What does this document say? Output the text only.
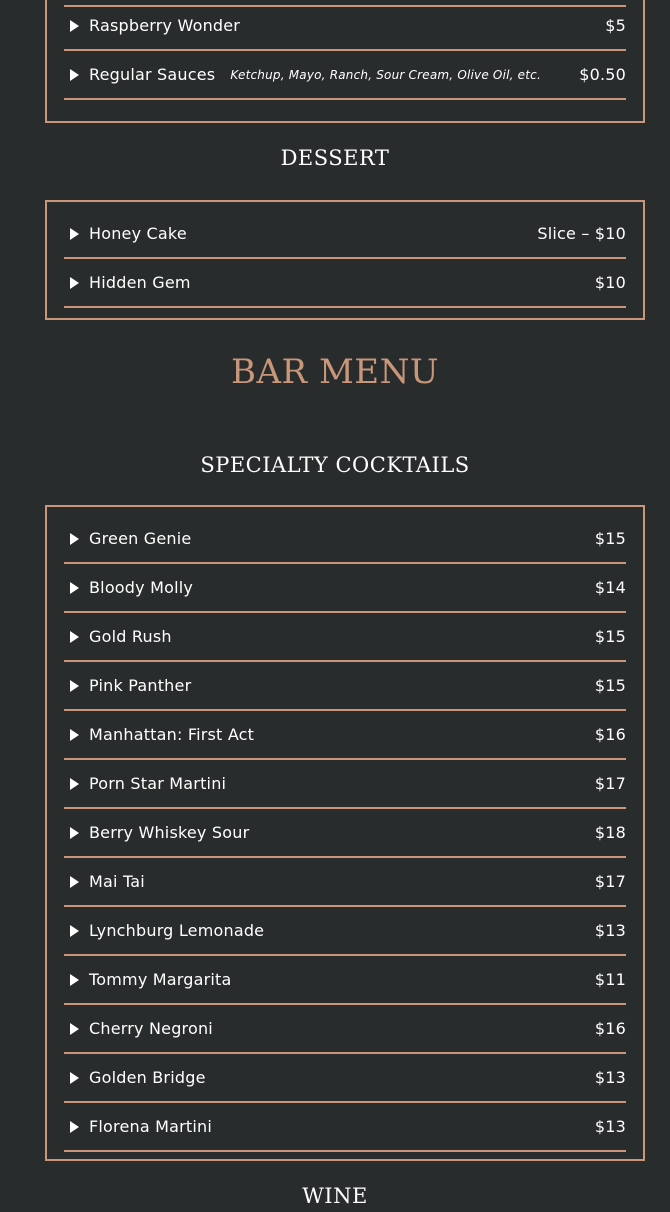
Raspberry Wonder	$5
Regular Sauces Ketchup, Mayo, Ranch, Sour Cream, Olive Oil, etc.	$0.50
DESSERT
Honey Cake	Slice – $10
Hidden Gem	$10
BAR MENU
SPECIALTY COCKTAILS
Green Genie	$15
Bloody Molly	$14
Gold Rush	$15
Pink Panther	$15
Manhattan: First Act	$16
Porn Star Martini	$17
Berry Whiskey Sour	$18
Mai Tai	$17
Lynchburg Lemonade	$13
Tommy Margarita	$11
Cherry Negroni	$16
Golden Bridge	$13
Florena Martini	$13
WINE
